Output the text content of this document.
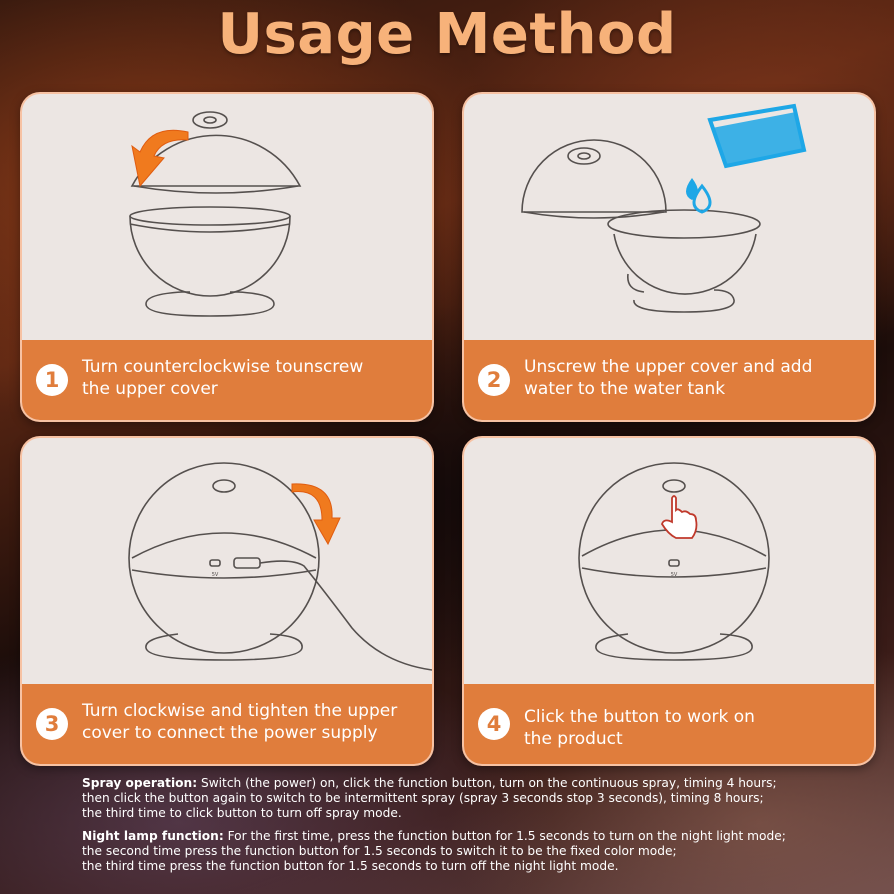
Usage Method
1
Turn counterclockwise tounscrew
the upper cover	2
Unscrew the upper cover and add
water to the water tank
5V
3
Turn clockwise and tighten the upper
cover to connect the power supply
5V
4	Click the button to work on
the product

Spray operation: Switch (the power) on, click the function button, turn on the continuous spray, timing 4 hours;
then click the button again to switch to be intermittent spray (spray 3 seconds stop 3 seconds), timing 8 hours;
the third time to click button to turn off spray mode.

Night lamp function: For the first time, press the function button for 1.5 seconds to turn on the night light mode;
the second time press the function button for 1.5 seconds to switch it to be the fixed color mode;
the third time press the function button for 1.5 seconds to turn off the night light mode.
